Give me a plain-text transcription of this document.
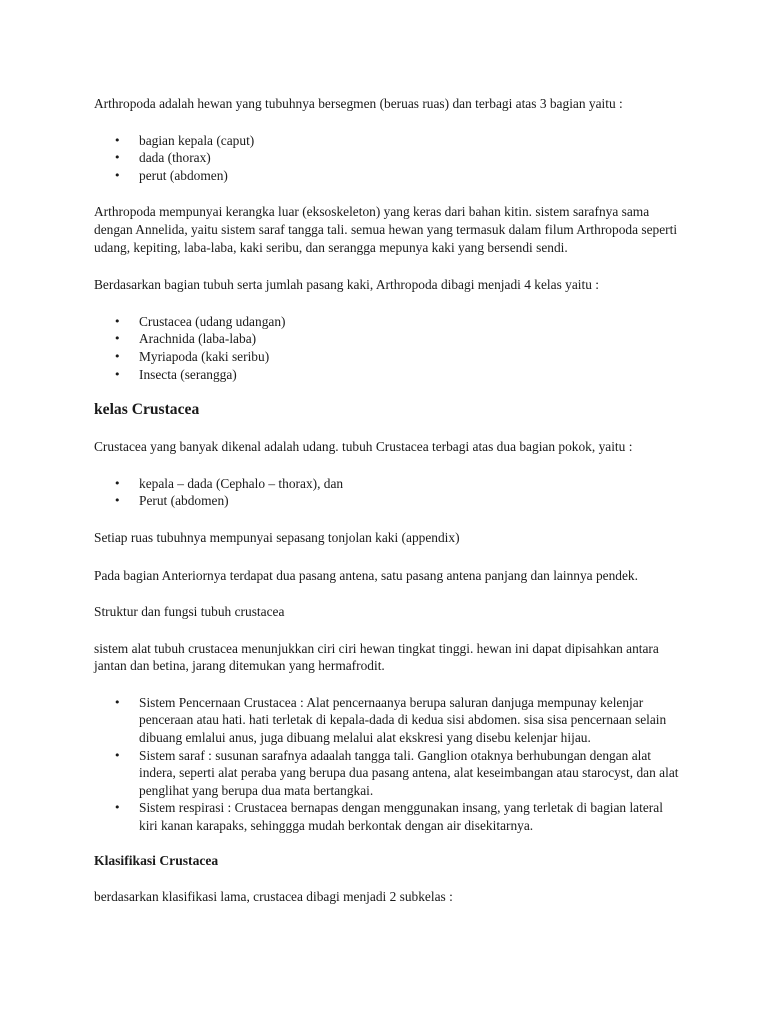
Arthropoda adalah hewan yang tubuhnya bersegmen (beruas ruas) dan terbagi atas 3 bagian yaitu :

• bagian kepala (caput)
• dada (thorax)
• perut (abdomen)

Arthropoda mempunyai kerangka luar (eksoskeleton) yang keras dari bahan kitin. sistem sarafnya sama dengan Annelida, yaitu sistem saraf tangga tali. semua hewan yang termasuk dalam filum Arthropoda seperti udang, kepiting, laba-laba, kaki seribu, dan serangga mepunya kaki yang bersendi sendi.

Berdasarkan bagian tubuh serta jumlah pasang kaki, Arthropoda dibagi menjadi 4 kelas yaitu :

• Crustacea (udang udangan)
• Arachnida (laba-laba)
• Myriapoda (kaki seribu)
• Insecta (serangga)
kelas Crustacea

Crustacea yang banyak dikenal adalah udang. tubuh Crustacea terbagi atas dua bagian pokok, yaitu :

• kepala – dada (Cephalo – thorax), dan
• Perut (abdomen)

Setiap ruas tubuhnya mempunyai sepasang tonjolan kaki (appendix)

Pada bagian Anteriornya terdapat dua pasang antena, satu pasang antena panjang dan lainnya pendek.

Struktur dan fungsi tubuh crustacea

sistem alat tubuh crustacea menunjukkan ciri ciri hewan tingkat tinggi. hewan ini dapat dipisahkan antara jantan dan betina, jarang ditemukan yang hermafrodit.

• Sistem Pencernaan Crustacea : Alat pencernaanya berupa saluran danjuga mempunay kelenjar penceraan atau hati. hati terletak di kepala-dada di kedua sisi abdomen. sisa sisa pencernaan selain dibuang emlalui anus, juga dibuang melalui alat ekskresi yang disebu kelenjar hijau.
• Sistem saraf : susunan sarafnya adaalah tangga tali. Ganglion otaknya berhubungan dengan alat indera, seperti alat peraba yang berupa dua pasang antena, alat keseimbangan atau starocyst, dan alat penglihat yang berupa dua mata bertangkai.
• Sistem respirasi : Crustacea bernapas dengan menggunakan insang, yang terletak di bagian lateral kiri kanan karapaks, sehinggga mudah berkontak dengan air disekitarnya.
Klasifikasi Crustacea

berdasarkan klasifikasi lama, crustacea dibagi menjadi 2 subkelas :
